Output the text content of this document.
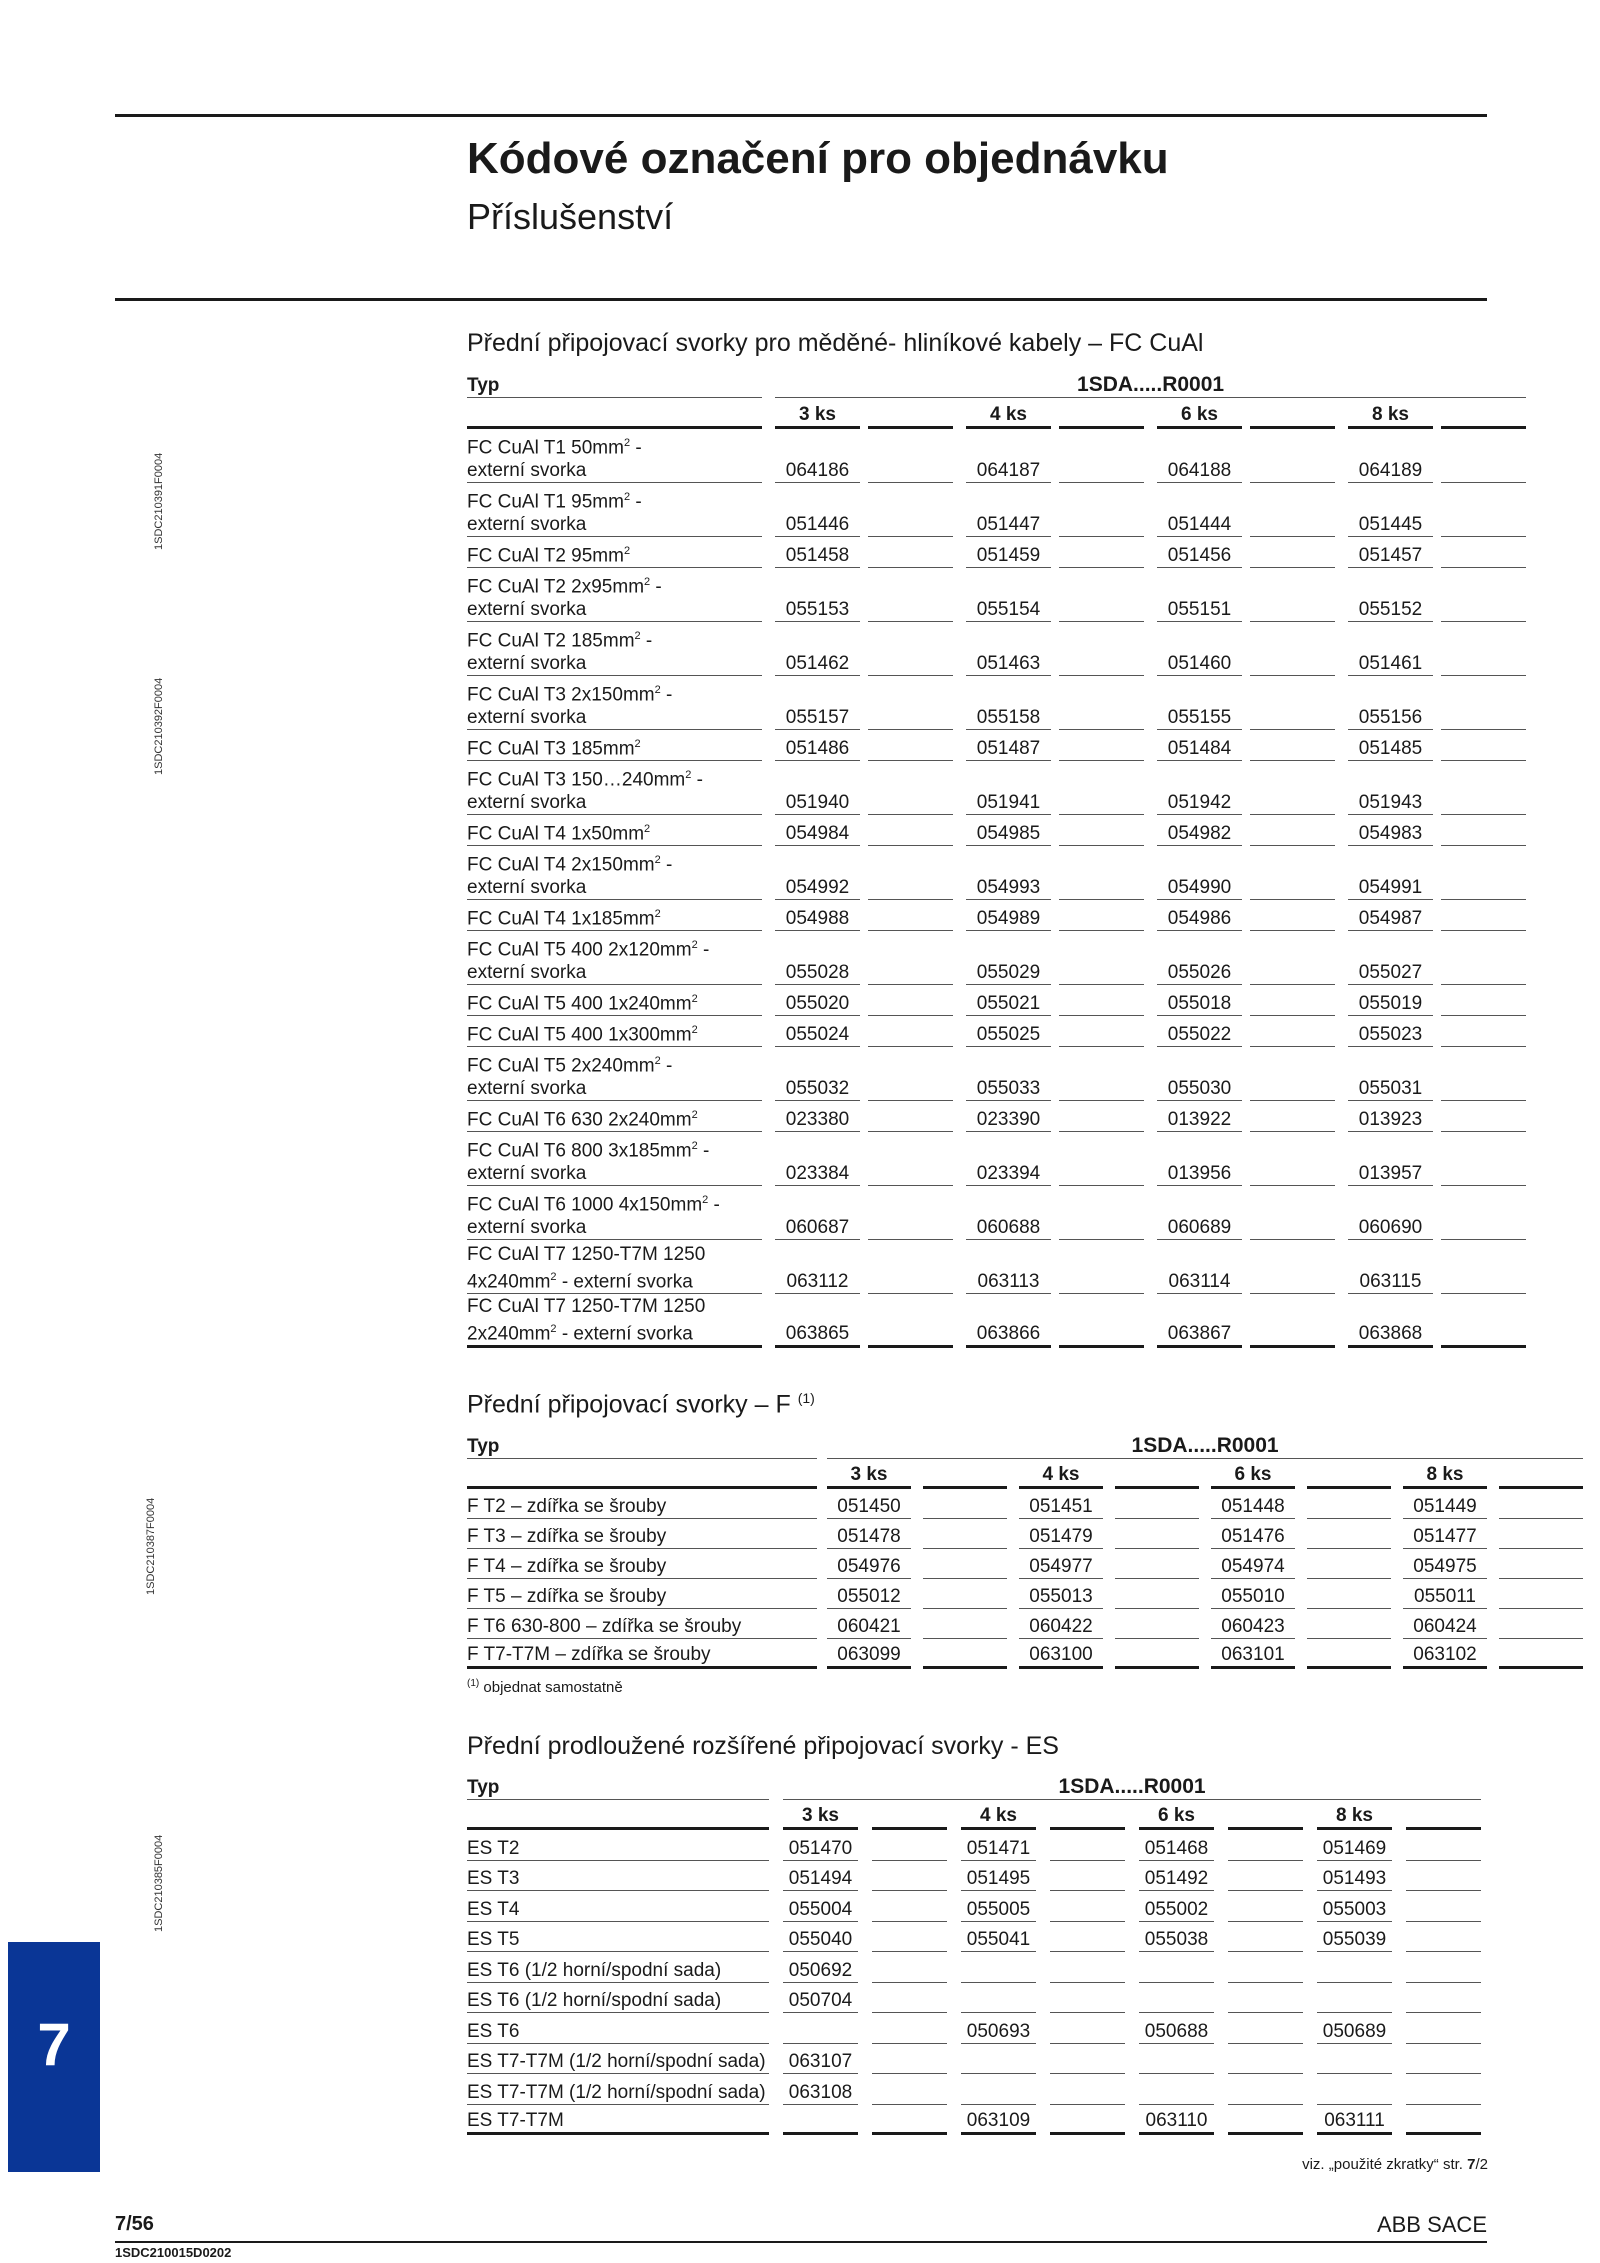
Kódové označení pro objednávku
Příslušenství
1SDC210391F0004
1SDC210392F0004
1SDC210387F0004
1SDC210385F0004
7
Přední připojovací svorky pro měděné- hliníkové kabely – FC CuAl
Typ		1SDA.....R0001														
		3 ks				4 ks				6 ks				8 ks		
FC CuAl T1 $50mm^2$ -
externí svorka		064186				064187				064188				064189		
FC CuAl T1 $95mm^2$ -
externí svorka		051446				051447				051444				051445		
FC CuAl T2 $95mm^2$		051458				051459				051456				051457		
FC CuAl T2 $2x95mm^2$ -
externí svorka		055153				055154				055151				055152		
FC CuAl T2 $185mm^2$ -
externí svorka		051462				051463				051460				051461		
FC CuAl T3 $2x150mm^2$ -
externí svorka		055157				055158				055155				055156		
FC CuAl T3 $185mm^2$		051486				051487				051484				051485		
FC CuAl T3 $150\dots 240mm^2$ -
externí svorka		051940				051941				051942				051943		
FC CuAl T4 $1x50mm^2$		054984				054985				054982				054983		
FC CuAl T4 $2x150mm^2$ -
externí svorka		054992				054993				054990				054991		
FC CuAl T4 $1x185mm^2$		054988				054989				054986				054987		
FC CuAl T5 400 $2x120mm^2$ -
externí svorka		055028				055029				055026				055027		
FC CuAl T5 400 $1x240mm^2$		055020				055021				055018				055019		
FC CuAl T5 400 $1x300mm^2$		055024				055025				055022				055023		
FC CuAl T5 $2x240mm^2$ -
externí svorka		055032				055033				055030				055031		
FC CuAl T6 630 $2x240mm^2$		023380				023390				013922				013923		
FC CuAl T6 800 $3x185mm^2$ -
externí svorka		023384				023394				013956				013957		
FC CuAl T6 1000 $4x150mm^2$ -
externí svorka		060687				060688				060689				060690		
FC CuAl T7 1250-T7M 1250
$4x240mm^2$ - externí svorka		063112				063113				063114				063115		
FC CuAl T7 1250-T7M 1250
$2x240mm^2$ - externí svorka		063865				063866				063867				063868		
Přední připojovací svorky – F $^{(1)}$
Typ		1SDA.....R0001														
		3 ks				4 ks				6 ks				8 ks		
F T2 – zdířka se šrouby		051450				051451				051448				051449		
F T3 – zdířka se šrouby		051478				051479				051476				051477		
F T4 – zdířka se šrouby		054976				054977				054974				054975		
F T5 – zdířka se šrouby		055012				055013				055010				055011		
F T6 630-800 – zdířka se šrouby		060421				060422				060423				060424		
F T7-T7M – zdířka se šrouby		063099				063100				063101				063102		
$^{(1)}$ objednat samostatně
Přední prodloužené rozšířené připojovací svorky - ES
Typ		1SDA.....R0001														
		3 ks				4 ks				6 ks				8 ks		
ES T2		051470				051471				051468				051469		
ES T3		051494				051495				051492				051493		
ES T4		055004				055005				055002				055003		
ES T5		055040				055041				055038				055039		
ES T6 (1/2 horní/spodní sada)		050692														
ES T6 (1/2 horní/spodní sada)		050704														
ES T6						050693				050688				050689		
ES T7-T7M (1/2 horní/spodní sada)		063107														
ES T7-T7M (1/2 horní/spodní sada)		063108														
ES T7-T7M						063109				063110				063111		
viz. „použité zkratky“ str. 7/2
7/56	ABB SACE
1SDC210015D0202
